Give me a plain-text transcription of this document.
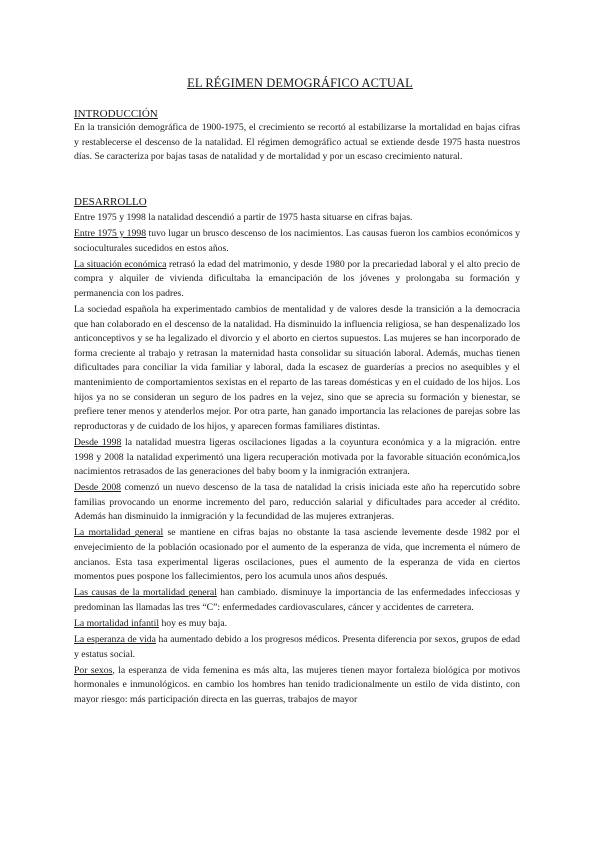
EL RÉGIMEN DEMOGRÁFICO ACTUAL
INTRODUCCIÓN

En la transición demográfica de 1900-1975, el crecimiento se recortó al estabilizarse la mortalidad en bajas cifras y restablecerse el descenso de la natalidad. El régimen demográfico actual se extiende desde 1975 hasta nuestros días. Se caracteriza por bajas tasas de natalidad y de mortalidad y por un escaso crecimiento natural.

DESARROLLO

Entre 1975 y 1998 la natalidad descendió a partir de 1975 hasta situarse en cifras bajas.

Entre 1975 y 1998 tuvo lugar un brusco descenso de los nacimientos. Las causas fueron los cambios económicos y socioculturales sucedidos en estos años.

La situación económica retrasó la edad del matrimonio, y desde 1980 por la precariedad laboral y el alto precio de compra y alquiler de vivienda dificultaba la emancipación de los jóvenes y prolongaba su formación y permanencia con los padres.

La sociedad española ha experimentado cambios de mentalidad y de valores desde la transición a la democracia que han colaborado en el descenso de la natalidad. Ha disminuido la influencia religiosa, se han despenalizado los anticonceptivos y se ha legalizado el divorcio y el aborto en ciertos supuestos. Las mujeres se han incorporado de forma creciente al trabajo y retrasan la maternidad hasta consolidar su situación laboral. Además, muchas tienen dificultades para conciliar la vida familiar y laboral, dada la escasez de guarderías a precios no asequibles y el mantenimiento de comportamientos sexistas en el reparto de las tareas domésticas y en el cuidado de los hijos. Los hijos ya no se consideran un seguro de los padres en la vejez, sino que se aprecia su formación y bienestar, se prefiere tener menos y atenderlos mejor. Por otra parte, han ganado importancia las relaciones de parejas sobre las reproductoras y de cuidado de los hijos, y aparecen formas familiares distintas.

Desde 1998 la natalidad muestra ligeras oscilaciones ligadas a la coyuntura económica y a la migración. entre 1998 y 2008 la natalidad experimentó una ligera recuperación motivada por la favorable situación económica,los nacimientos retrasados de las generaciones del baby boom y la inmigración extranjera.

Desde 2008 comenzó un nuevo descenso de la tasa de natalidad la crisis iniciada este año ha repercutido sobre familias provocando un enorme incremento del paro, reducción salarial y dificultades para acceder al crédito. Además han disminuido la inmigración y la fecundidad de las mujeres extranjeras.

La mortalidad general se mantiene en cifras bajas no obstante la tasa asciende levemente desde 1982 por el envejecimiento de la población ocasionado por el aumento de la esperanza de vida, que incrementa el número de ancianos. Esta tasa experimental ligeras oscilaciones, pues el aumento de la esperanza de vida en ciertos momentos pues pospone los fallecimientos, pero los acumula unos años después.

Las causas de la mortalidad general han cambiado. disminuye la importancia de las enfermedades infecciosas y predominan las llamadas las tres “C”: enfermedades cardiovasculares, cáncer y accidentes de carretera.

La mortalidad infantil hoy es muy baja.

La esperanza de vida ha aumentado debido a los progresos médicos. Presenta diferencia por sexos, grupos de edad y estatus social.

Por sexos, la esperanza de vida femenina es más alta, las mujeres tienen mayor fortaleza biológica por motivos hormonales e inmunológicos. en cambio los hombres han tenido tradicionalmente un estilo de vida distinto, con mayor riesgo: más participación directa en las guerras, trabajos de mayor
